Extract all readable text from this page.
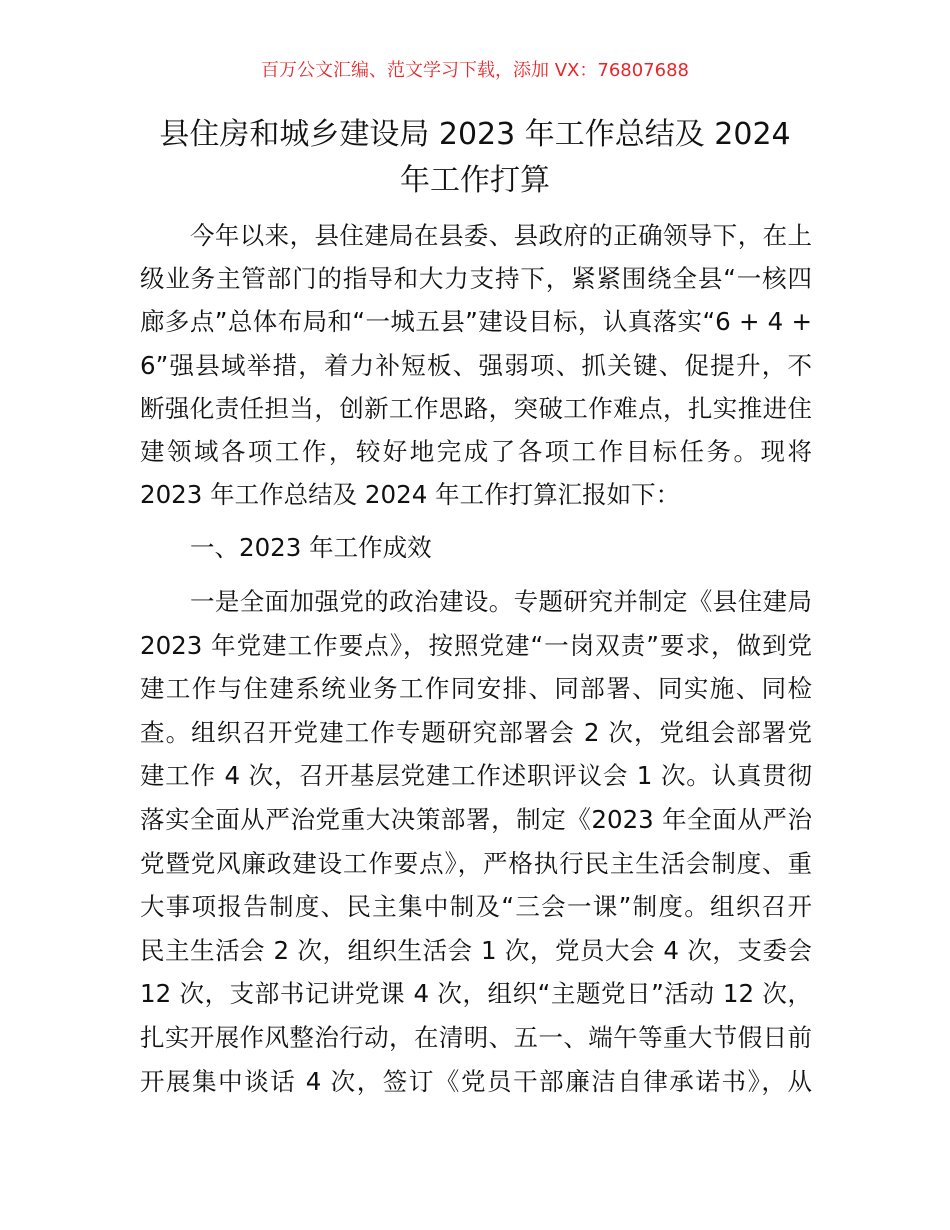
百万公文汇编、范文学习下载，添加 VX：76807688
县住房和城乡建设局 2023 年工作总结及 2024
年工作打算
今年以来，县住建局在县委、县政府的正确领导下，在上
级业务主管部门的指导和大力支持下，紧紧围绕全县“一核四
廊多点”总体布局和“一城五县”建设目标，认真落实“6 + 4 +
6”强县域举措，着力补短板、强弱项、抓关键、促提升，不
断强化责任担当，创新工作思路，突破工作难点，扎实推进住
建领域各项工作，较好地完成了各项工作目标任务。现将
2023 年工作总结及 2024 年工作打算汇报如下：
一、2023 年工作成效
一是全面加强党的政治建设。专题研究并制定《县住建局
2023 年党建工作要点》，按照党建“一岗双责”要求，做到党
建工作与住建系统业务工作同安排、同部署、同实施、同检
查。组织召开党建工作专题研究部署会 2 次，党组会部署党
建工作 4 次，召开基层党建工作述职评议会 1 次。认真贯彻
落实全面从严治党重大决策部署，制定《2023 年全面从严治
党暨党风廉政建设工作要点》，严格执行民主生活会制度、重
大事项报告制度、民主集中制及“三会一课”制度。组织召开
民主生活会 2 次，组织生活会 1 次，党员大会 4 次，支委会
12 次，支部书记讲党课 4 次，组织“主题党日”活动 12 次，
扎实开展作风整治行动，在清明、五一、端午等重大节假日前
开展集中谈话 4 次，签订《党员干部廉洁自律承诺书》，从
